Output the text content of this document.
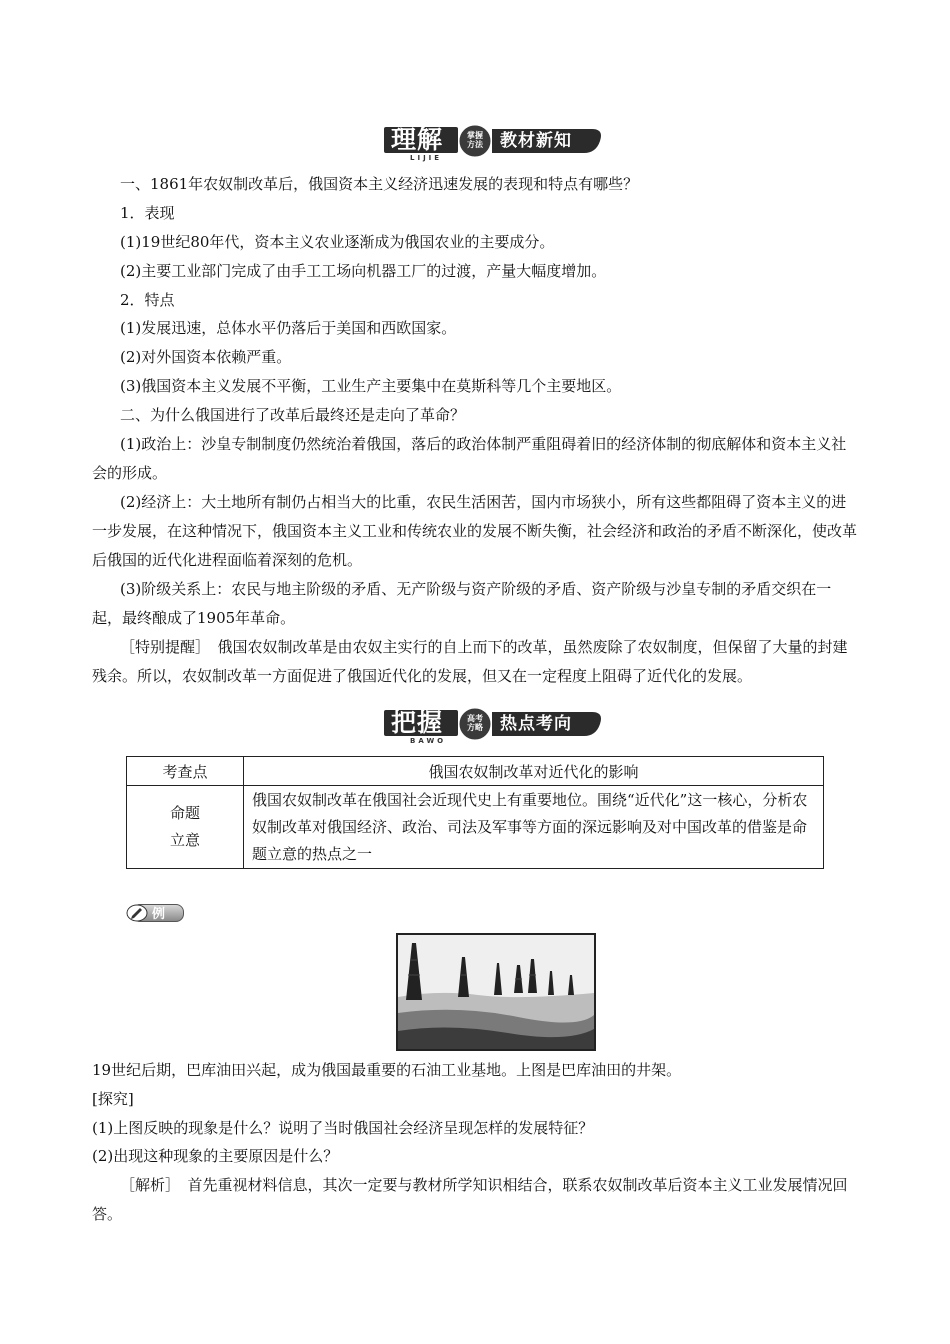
理解
LIJIE
掌握
方法 教材新知

一、1861年农奴制改革后，俄国资本主义经济迅速发展的表现和特点有哪些？

1．表现

(1)19世纪80年代，资本主义农业逐渐成为俄国农业的主要成分。

(2)主要工业部门完成了由手工工场向机器工厂的过渡，产量大幅度增加。

2．特点

(1)发展迅速，总体水平仍落后于美国和西欧国家。

(2)对外国资本依赖严重。

(3)俄国资本主义发展不平衡，工业生产主要集中在莫斯科等几个主要地区。

二、为什么俄国进行了改革后最终还是走向了革命？

(1)政治上：沙皇专制制度仍然统治着俄国，落后的政治体制严重阻碍着旧的经济体制的彻底解体和资本主义社会的形成。

(2)经济上：大土地所有制仍占相当大的比重，农民生活困苦，国内市场狭小，所有这些都阻碍了资本主义的进一步发展，在这种情况下，俄国资本主义工业和传统农业的发展不断失衡，社会经济和政治的矛盾不断深化，使改革后俄国的近代化进程面临着深刻的危机。

(3)阶级关系上：农民与地主阶级的矛盾、无产阶级与资产阶级的矛盾、资产阶级与沙皇专制的矛盾交织在一起，最终酿成了1905年革命。

［特别提醒］　俄国农奴制改革是由农奴主实行的自上而下的改革，虽然废除了农奴制度，但保留了大量的封建残余。所以，农奴制改革一方面促进了俄国近代化的发展，但又在一定程度上阻碍了近代化的发展。

把握
BAWO
高考
方略 热点考向
考查点	俄国农奴制改革对近代化的影响

命题
立意	俄国农奴制改革在俄国社会近现代史上有重要地位。围绕“近代化”这一核心，分析农奴制改革对俄国经济、政治、司法及军事等方面的深远影响及对中国改革的借鉴是命题立意的热点之一
例

19世纪后期，巴库油田兴起，成为俄国最重要的石油工业基地。上图是巴库油田的井架。

[探究]

(1)上图反映的现象是什么？说明了当时俄国社会经济呈现怎样的发展特征？

(2)出现这种现象的主要原因是什么？

［解析］　首先重视材料信息，其次一定要与教材所学知识相结合，联系农奴制改革后资本主义工业发展情况回答。
